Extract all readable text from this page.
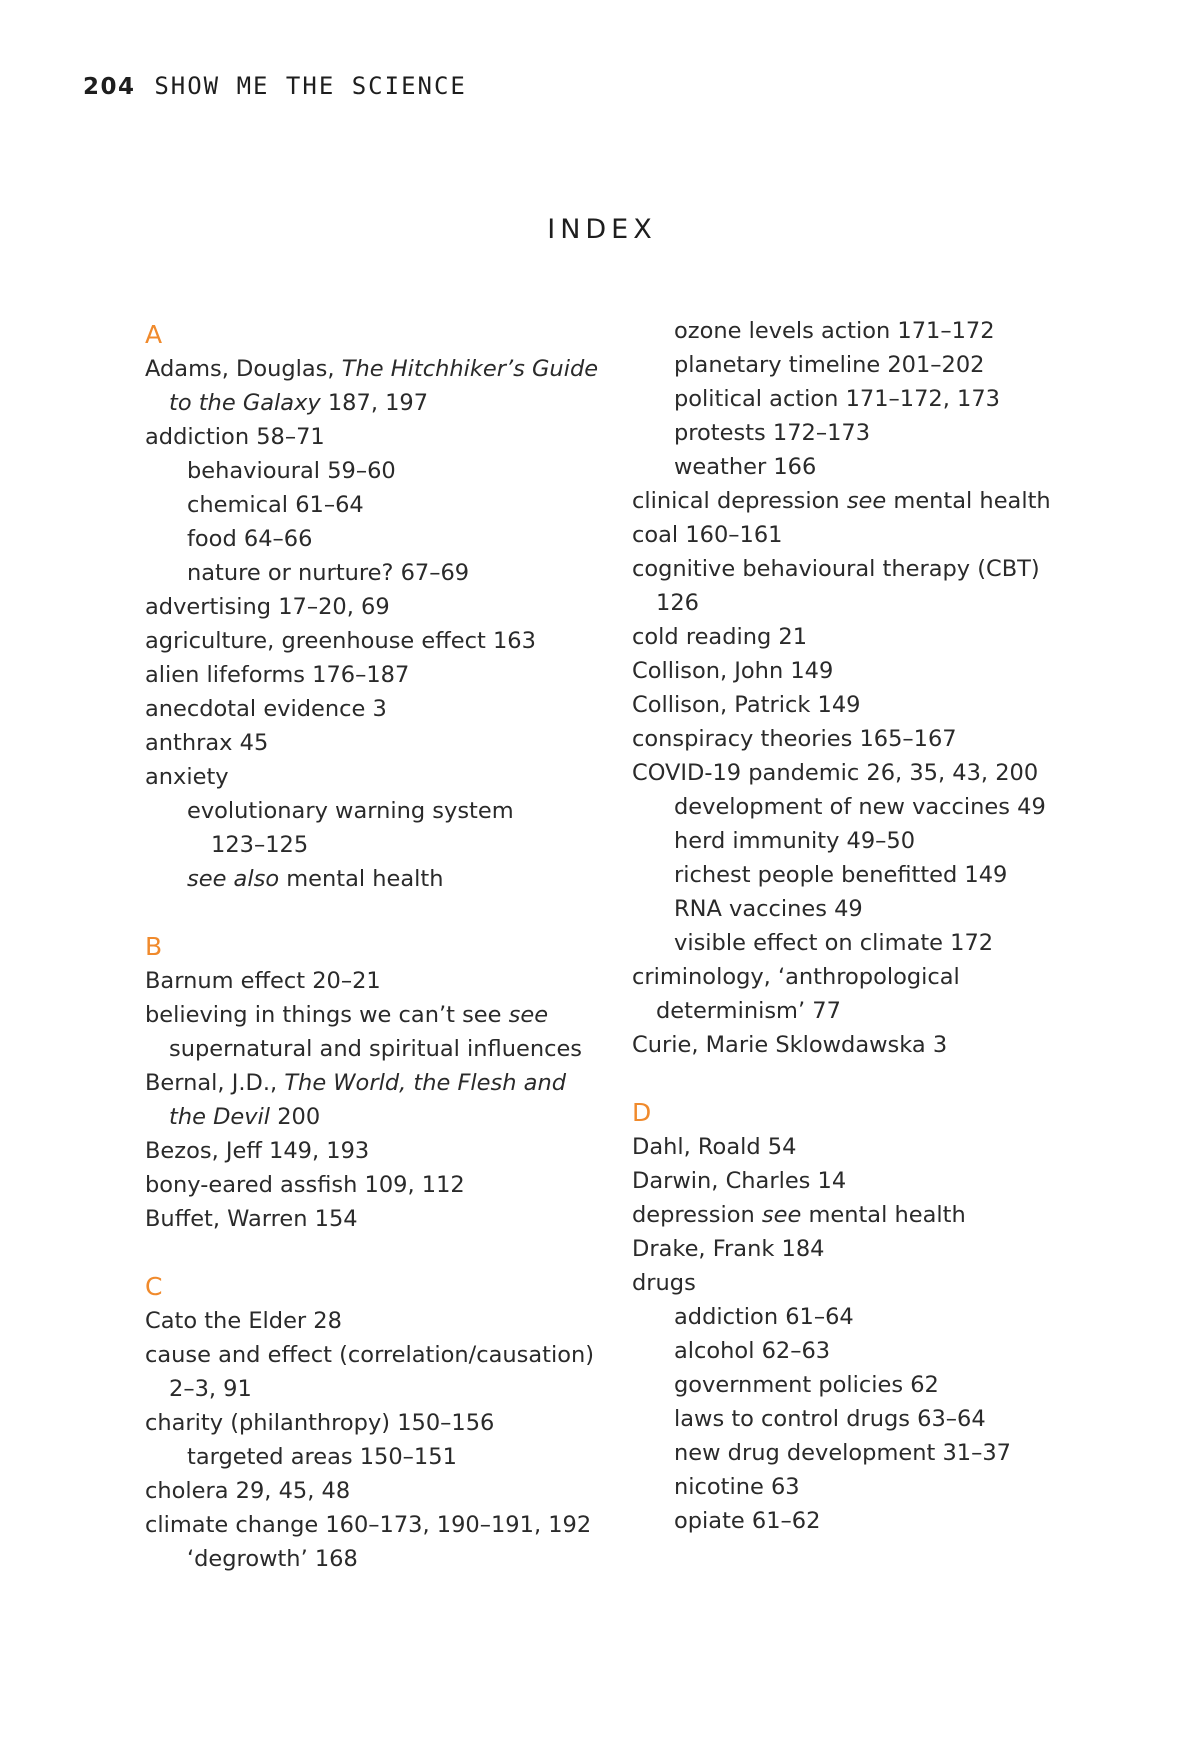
204 SHOW ME THE SCIENCE
INDEX
A
Adams, Douglas, The Hitchhiker’s Guide
to the Galaxy 187, 197
addiction 58–71
behavioural 59–60
chemical 61–64
food 64–66
nature or nurture? 67–69
advertising 17–20, 69
agriculture, greenhouse effect 163
alien lifeforms 176–187
anecdotal evidence 3
anthrax 45
anxiety
evolutionary warning system
123–125
see also mental health
B
Barnum effect 20–21
believing in things we can’t see see
supernatural and spiritual influences
Bernal, J.D., The World, the Flesh and
the Devil 200
Bezos, Jeff 149, 193
bony-eared assfish 109, 112
Buffet, Warren 154
C
Cato the Elder 28
cause and effect (correlation/causation)
2–3, 91
charity (philanthropy) 150–156
targeted areas 150–151
cholera 29, 45, 48
climate change 160–173, 190–191, 192
‘degrowth’ 168
ozone levels action 171–172
planetary timeline 201–202
political action 171–172, 173
protests 172–173
weather 166
clinical depression see mental health
coal 160–161
cognitive behavioural therapy (CBT)
126
cold reading 21
Collison, John 149
Collison, Patrick 149
conspiracy theories 165–167
COVID-19 pandemic 26, 35, 43, 200
development of new vaccines 49
herd immunity 49–50
richest people benefitted 149
RNA vaccines 49
visible effect on climate 172
criminology, ‘anthropological
determinism’ 77
Curie, Marie Sklowdawska 3
D
Dahl, Roald 54
Darwin, Charles 14
depression see mental health
Drake, Frank 184
drugs
addiction 61–64
alcohol 62–63
government policies 62
laws to control drugs 63–64
new drug development 31–37
nicotine 63
opiate 61–62
